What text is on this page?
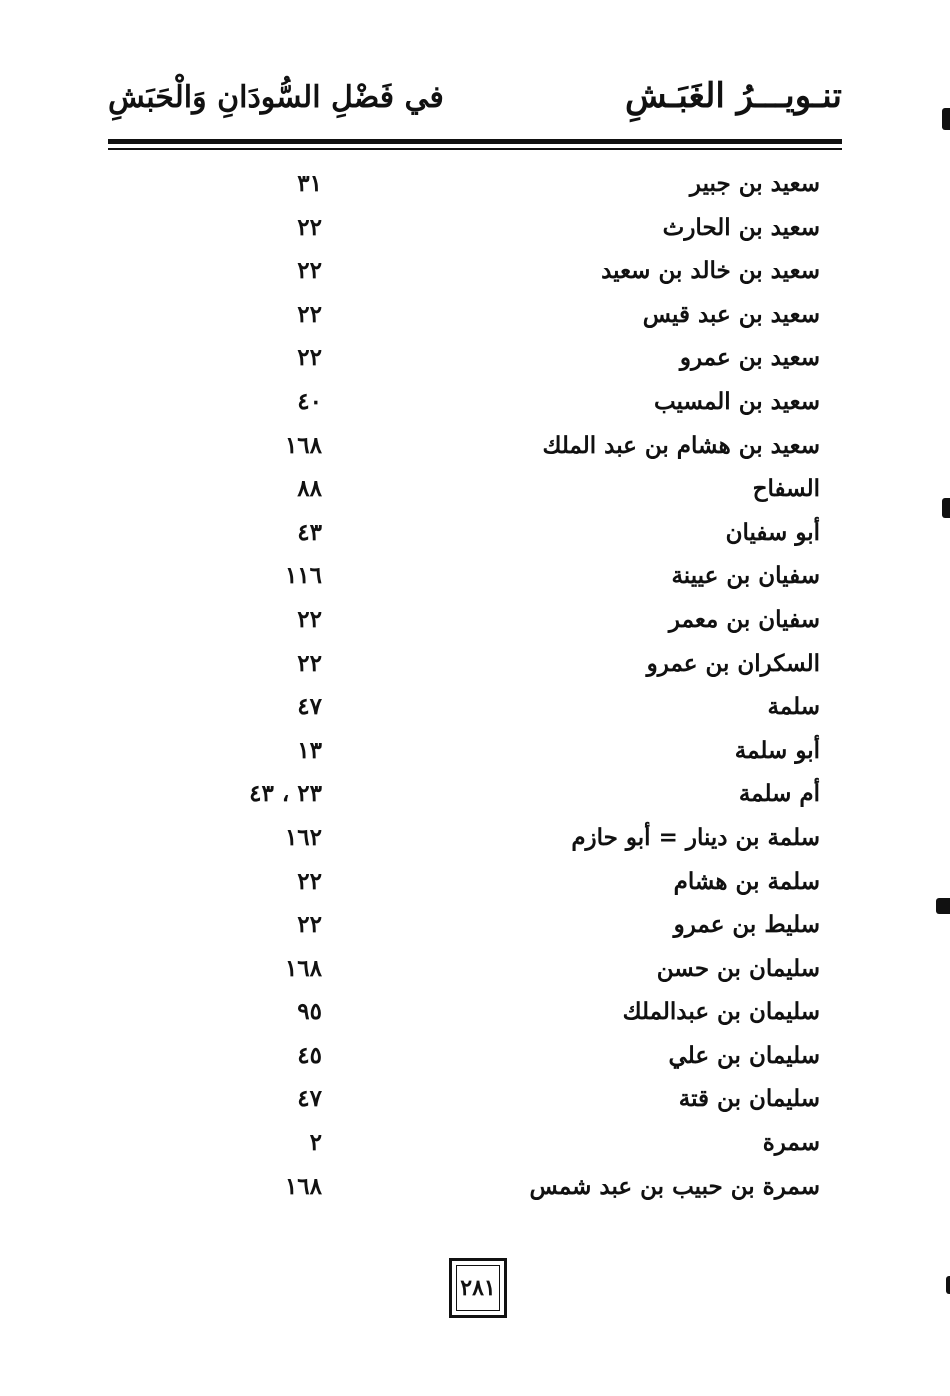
تنـويـــرُ الغَبَـشِ
في فَضْلِ السُّودَانِ وَالْحَبَشِ
سعيد بن جبير
٣١
سعيد بن الحارث
٢٢
سعيد بن خالد بن سعيد
٢٢
سعيد بن عبد قيس
٢٢
سعيد بن عمرو
٢٢
سعيد بن المسيب
٤٠
سعيد بن هشام بن عبد الملك
١٦٨
السفاح
٨٨
أبو سفيان
٤٣
سفيان بن عيينة
١١٦
سفيان بن معمر
٢٢
السكران بن عمرو
٢٢
سلمة
٤٧
أبو سلمة
١٣
أم سلمة
٢٣ ، ٤٣
سلمة بن دينار = أبو حازم
١٦٢
سلمة بن هشام
٢٢
سليط بن عمرو
٢٢
سليمان بن حسن
١٦٨
سليمان بن عبدالملك
٩٥
سليمان بن علي
٤٥
سليمان بن قتة
٤٧
سمرة
٢
سمرة بن حبيب بن عبد شمس
١٦٨
٢٨١
